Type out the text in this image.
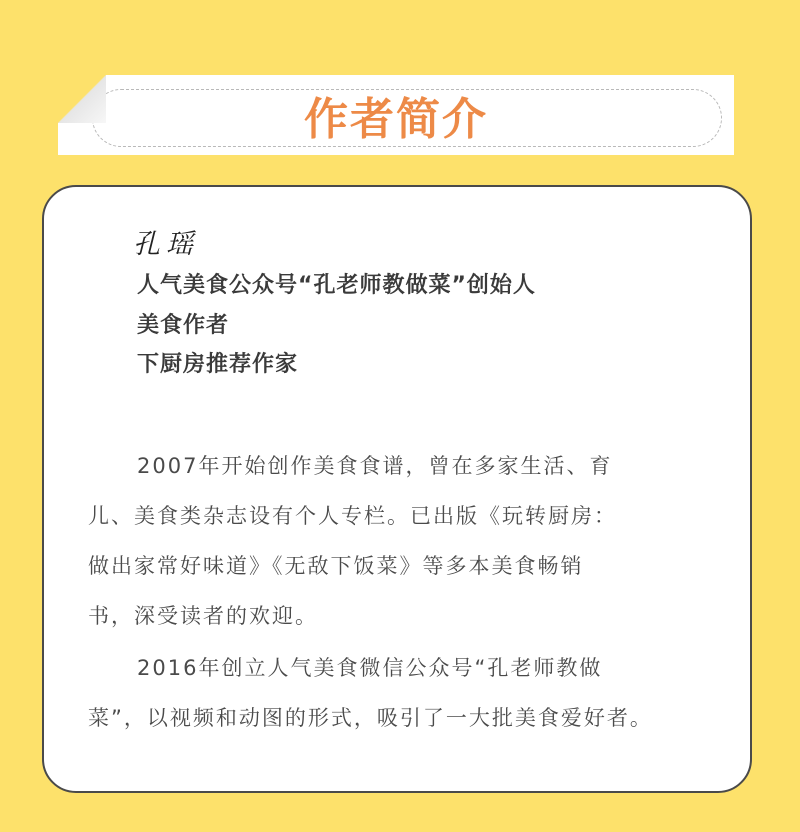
作者简介
孔瑶
人气美食公众号“孔老师教做菜”创始人
美食作者
下厨房推荐作家
2007年开始创作美食食谱，曾在多家生活、育
儿、美食类杂志设有个人专栏。已出版《玩转厨房：
做出家常好味道》《无敌下饭菜》等多本美食畅销
书，深受读者的欢迎。
2016年创立人气美食微信公众号“孔老师教做
菜”，以视频和动图的形式，吸引了一大批美食爱好者。
